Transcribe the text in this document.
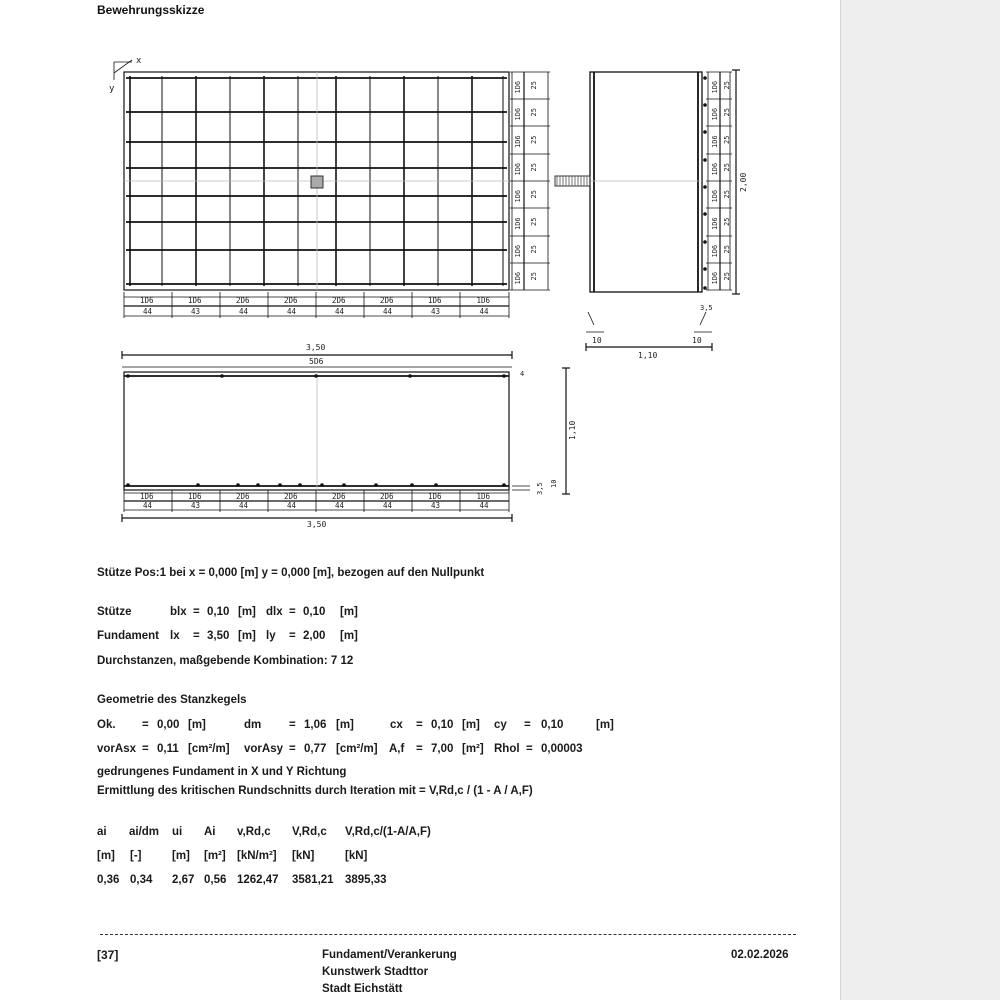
Bewehrungsskizze
x
y
1D6	1D6	2D6	2D6	2D6	2D6	1D6	1D6
44	43	44	44	44	44	43	44
1D6
1D6
1D6
1D6
1D6
1D6
1D6
1D6
25
25
25
25
25
25
25
25
1D6
1D6
1D6
1D6
1D6
1D6
1D6
1D6
25
25
25
25
25
25
25
25
10	10
1,10
3,5
3,50
5D6
1,10
4
3,5 10
1D6	1D6	2D6	2D6	2D6	2D6	1D6	1D6
44	43	44	44	44	44	43	44
3,50
2,00
Stütze Pos:1 bei x = 0,000 [m] y = 0,000 [m], bezogen auf den Nullpunkt
Stütze	blx = 0,10 [m] dlx = 0,10 [m]
Fundament lx = 3,50 [m] ly = 2,00 [m]
Durchstanzen, maßgebende Kombination: 7 12
Geometrie des Stanzkegels
Ok. = 0,00 [m]	dm = 1,06 [m]	cx = 0,10 [m] cy = 0,10	[m]
vorAsx = 0,11 [cm²/m] vorAsy = 0,77 [cm²/m] A,f = 7,00 [m²] Rhol = 0,00003
gedrungenes Fundament in X und Y Richtung
Ermittlung des kritischen Rundschnitts durch Iteration mit = V,Rd,c / (1 - A / A,F)
ai ai/dm ui Ai v,Rd,c V,Rd,c V,Rd,c/(1-A/A,F)
[m] [-]	[m] [m²] [kN/m²] [kN]	[kN]
0,36 0,34 2,67 0,56 1262,47 3581,21 3895,33
[37]	Fundament/Verankerung
Kunstwerk Stadttor
Stadt Eichstätt
02.02.2026
